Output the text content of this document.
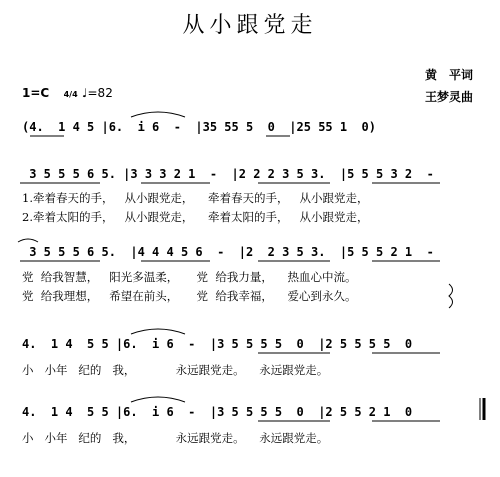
从小跟党走
1=C 4/4 ♩=82
黄　平词
王梦灵曲
(4.  1 4 5 |6.  i 6  -  |35 55 5  0  |25 55 1  0)
3 5 5 5 6 5. |3 3 3 2 1  -  |2 2 2 3 5 3.  |5 5 5 3 2  -
1.牵着春天的手，   从小跟党走，    牵着春天的手，   从小跟党走，
2.牵着太阳的手，   从小跟党走，    牵着太阳的手，   从小跟党走，
3 5 5 5 6 5.  |4 4 4 5 6  -  |2  2 3 5 3.  |5 5 5 2 1  -
党  给我智慧，   阳光多温柔，     党  给我力量，    热血心中流。
党  给我理想，   希望在前头，     党  给我幸福，    爱心到永久。
4.  1 4  5 5 |6.  i 6  -  |3 5 5 5 5  0  |2 5 5 5 5  0
小   小年   纪的   我，           永远跟党走。    永远跟党走。
4.  1 4  5 5 |6.  i 6  -  |3 5 5 5 5  0  |2 5 5 2 1  0
小   小年   纪的   我，           永远跟党走。    永远跟党走。
